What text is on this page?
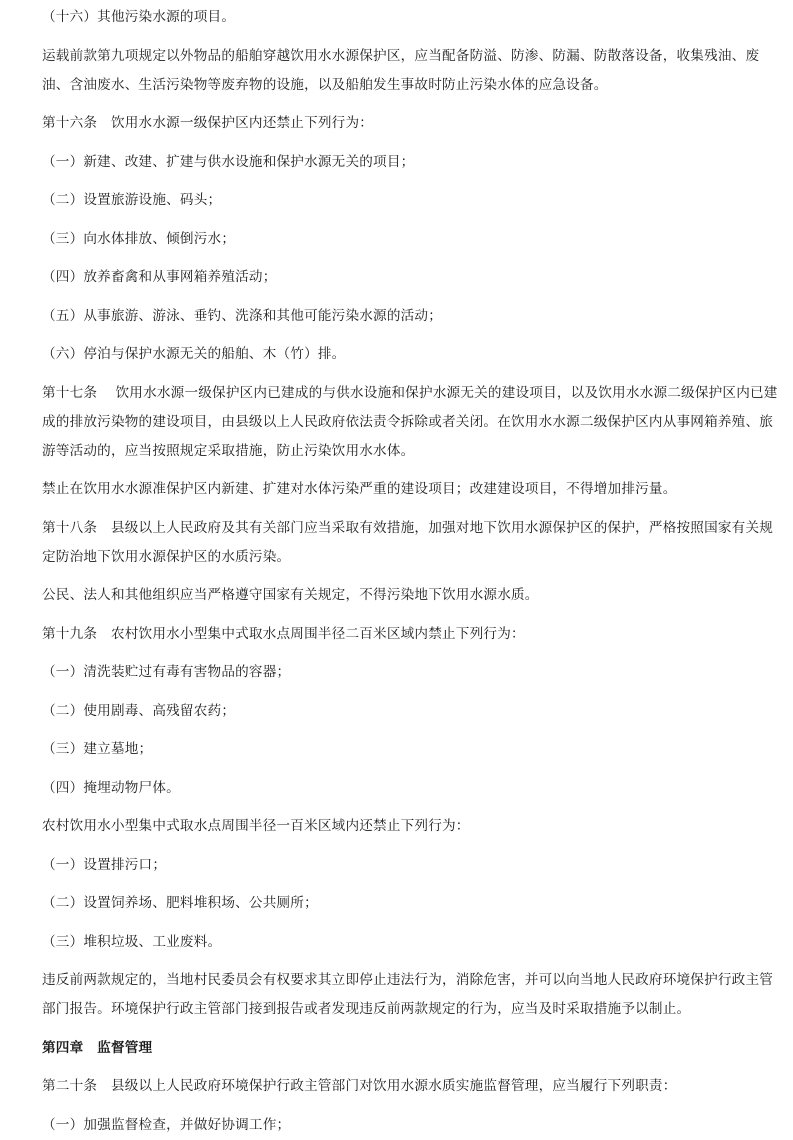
（十六）其他污染水源的项目。

运载前款第九项规定以外物品的船舶穿越饮用水水源保护区，应当配备防溢、防渗、防漏、防散落设备，收集残油、废油、含油废水、生活污染物等废弃物的设施，以及船舶发生事故时防止污染水体的应急设备。

第十六条　饮用水水源一级保护区内还禁止下列行为：

（一）新建、改建、扩建与供水设施和保护水源无关的项目；

（二）设置旅游设施、码头；

（三）向水体排放、倾倒污水；

（四）放养畜禽和从事网箱养殖活动；

（五）从事旅游、游泳、垂钓、洗涤和其他可能污染水源的活动；

（六）停泊与保护水源无关的船舶、木（竹）排。

第十七条　 饮用水水源一级保护区内已建成的与供水设施和保护水源无关的建设项目，以及饮用水水源二级保护区内已建成的排放污染物的建设项目，由县级以上人民政府依法责令拆除或者关闭。在饮用水水源二级保护区内从事网箱养殖、旅游等活动的，应当按照规定采取措施，防止污染饮用水水体。

禁止在饮用水水源准保护区内新建、扩建对水体污染严重的建设项目；改建建设项目，不得增加排污量。

第十八条　县级以上人民政府及其有关部门应当采取有效措施，加强对地下饮用水源保护区的保护，严格按照国家有关规定防治地下饮用水源保护区的水质污染。

公民、法人和其他组织应当严格遵守国家有关规定，不得污染地下饮用水源水质。

第十九条　农村饮用水小型集中式取水点周围半径二百米区域内禁止下列行为：

（一）清洗装贮过有毒有害物品的容器；

（二）使用剧毒、高残留农药；

（三）建立墓地；

（四）掩埋动物尸体。

农村饮用水小型集中式取水点周围半径一百米区域内还禁止下列行为：

（一）设置排污口；

（二）设置饲养场、肥料堆积场、公共厕所；

（三）堆积垃圾、工业废料。

违反前两款规定的，当地村民委员会有权要求其立即停止违法行为，消除危害，并可以向当地人民政府环境保护行政主管部门报告。环境保护行政主管部门接到报告或者发现违反前两款规定的行为，应当及时采取措施予以制止。

第四章　监督管理

第二十条　县级以上人民政府环境保护行政主管部门对饮用水源水质实施监督管理，应当履行下列职责：

（一）加强监督检查，并做好协调工作；
